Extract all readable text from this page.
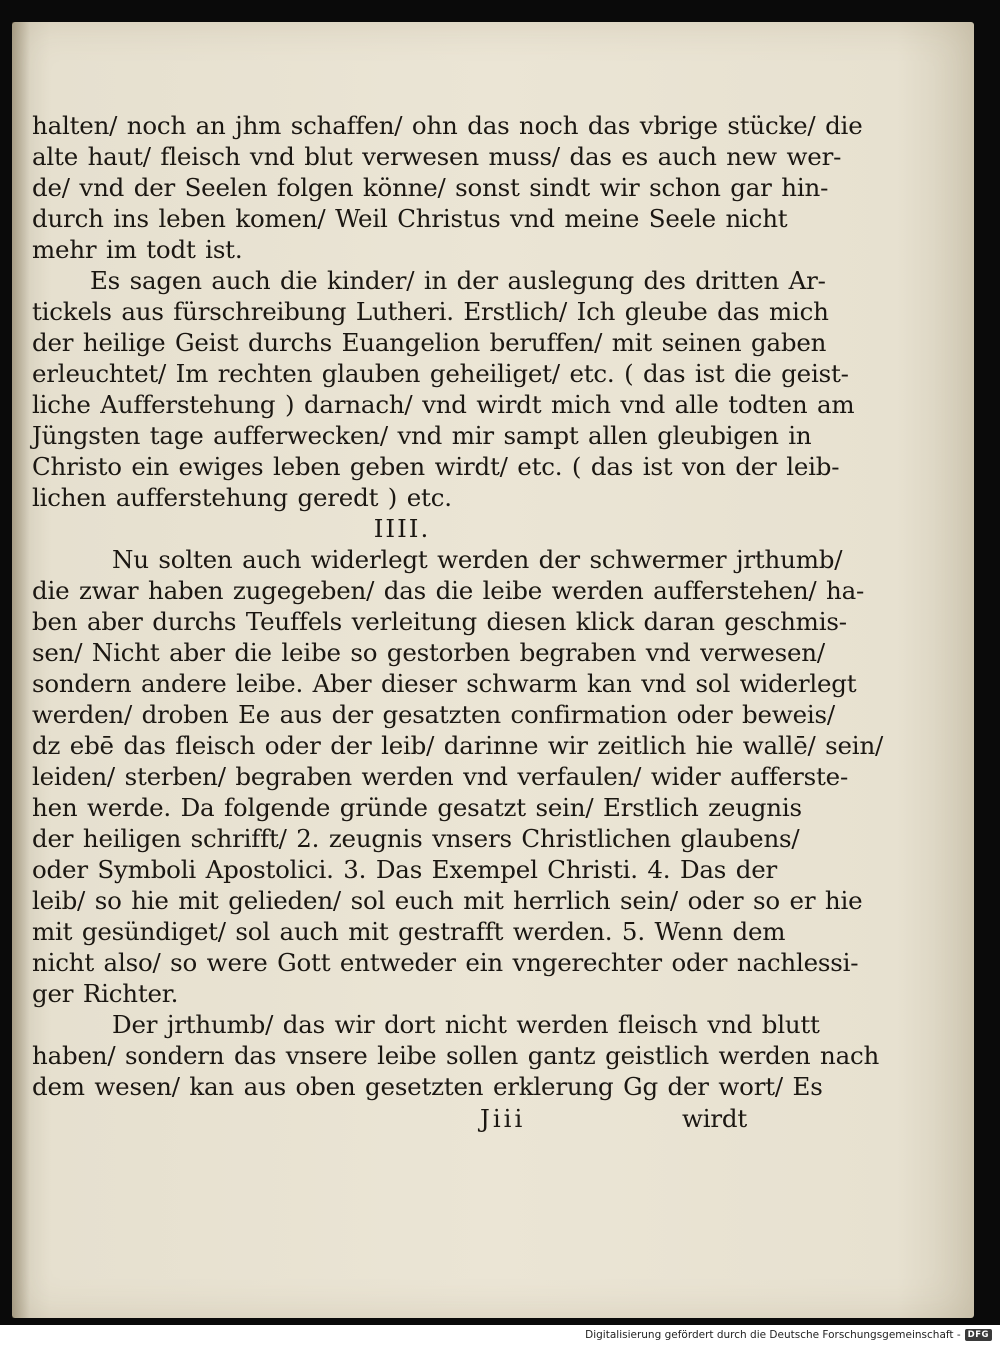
halten/ noch an jhm schaffen/ ohn das noch das vbrige stücke/ die
alte haut/ fleisch vnd blut verwesen muss/ das es auch new wer-
de/ vnd der Seelen folgen könne/ sonst sindt wir schon gar hin-
durch ins leben komen/ Weil Christus vnd meine Seele nicht
mehr im todt ist.
Es sagen auch die kinder/ in der auslegung des dritten Ar-
tickels aus fürschreibung Lutheri. Erstlich/ Ich gleube das mich
der heilige Geist durchs Euangelion beruffen/ mit seinen gaben
erleuchtet/ Im rechten glauben geheiliget/ etc. ( das ist die geist-
liche Aufferstehung ) darnach/ vnd wirdt mich vnd alle todten am
Jüngsten tage aufferwecken/ vnd mir sampt allen gleubigen in
Christo ein ewiges leben geben wirdt/ etc. ( das ist von der leib-
lichen aufferstehung geredt ) etc.
IIII.
Nu solten auch widerlegt werden der schwermer jrthumb/
die zwar haben zugegeben/ das die leibe werden aufferstehen/ ha-
ben aber durchs Teuffels verleitung diesen klick daran geschmis-
sen/ Nicht aber die leibe so gestorben begraben vnd verwesen/
sondern andere leibe. Aber dieser schwarm kan vnd sol widerlegt
werden/ droben Ee aus der gesatzten confirmation oder beweis/
dz ebē das fleisch oder der leib/ darinne wir zeitlich hie wallē/ sein/
leiden/ sterben/ begraben werden vnd verfaulen/ wider aufferste-
hen werde. Da folgende gründe gesatzt sein/ Erstlich zeugnis
der heiligen schrifft/ 2. zeugnis vnsers Christlichen glaubens/
oder Symboli Apostolici. 3. Das Exempel Christi. 4. Das der
leib/ so hie mit gelieden/ sol euch mit herrlich sein/ oder so er hie
mit gesündiget/ sol auch mit gestrafft werden. 5. Wenn dem
nicht also/ so were Gott entweder ein vngerechter oder nachlessi-
ger Richter.
Der jrthumb/ das wir dort nicht werden fleisch vnd blutt
haben/ sondern das vnsere leibe sollen gantz geistlich werden nach
dem wesen/ kan aus oben gesetzten erklerung Gg der wort/ Es
Jiii	wirdt
Digitalisierung gefördert durch die Deutsche Forschungsgemeinschaft - DFG
